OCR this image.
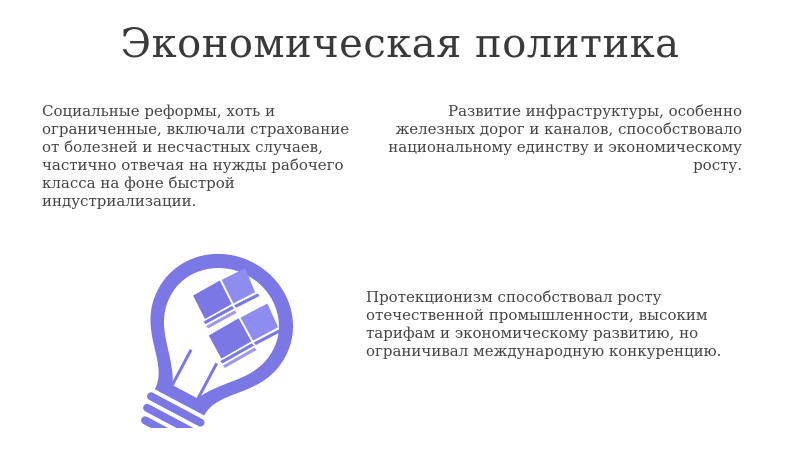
Экономическая политика

Социальные реформы, хоть и ограниченные, включали страхование от болезней и несчастных случаев, частично отвечая на нужды рабочего класса на фоне быстрой индустриализации.

Развитие инфраструктуры, особенно железных дорог и каналов, способствовало национальному единству и экономическому росту.

Протекционизм способствовал росту отечественной промышленности, высоким тарифам и экономическому развитию, но ограничивал международную конкуренцию.
